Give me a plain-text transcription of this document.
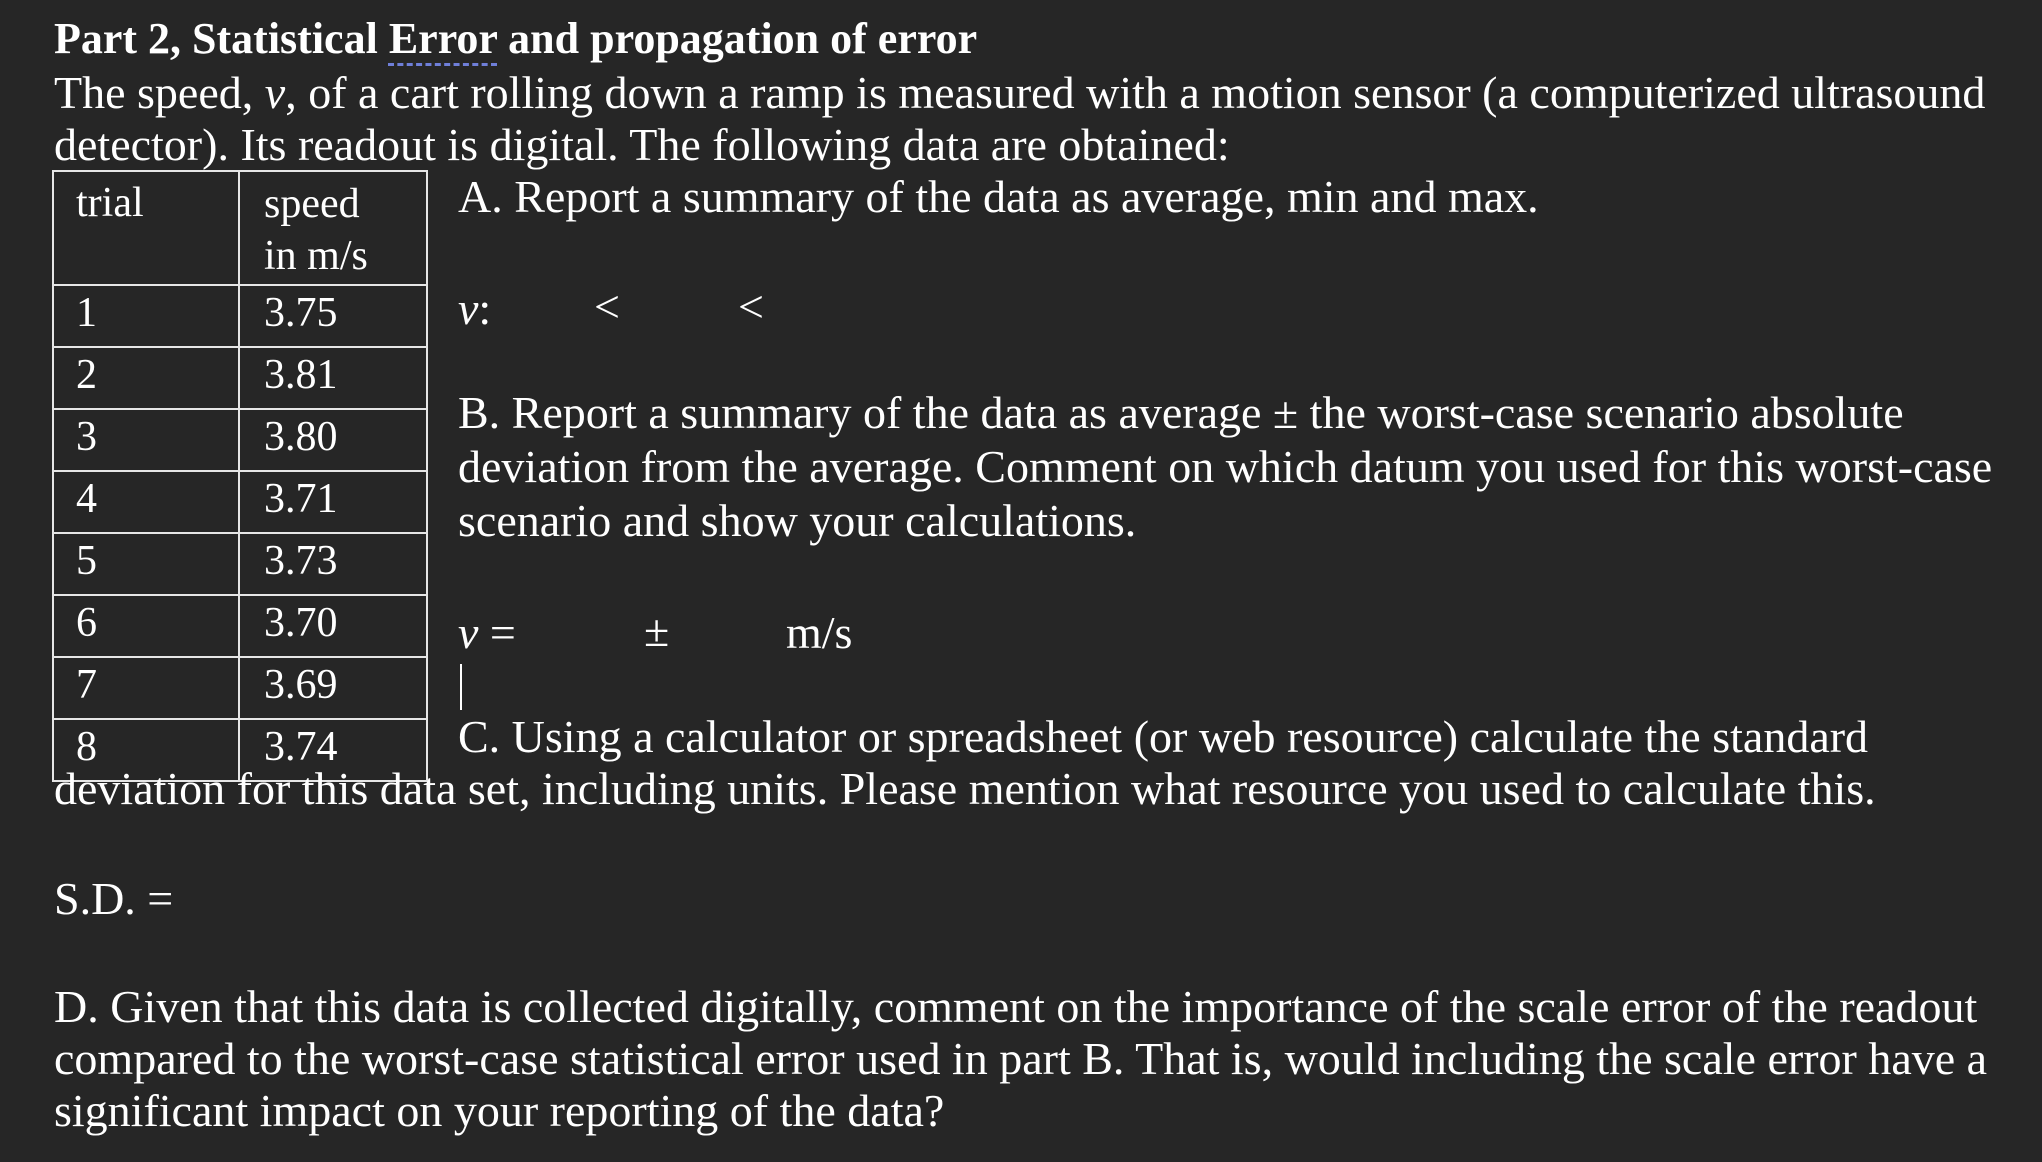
Part 2, Statistical Error and propagation of error
The speed, v, of a cart rolling down a ramp is measured with a motion sensor (a computerized ultrasound
detector). Its readout is digital. The following data are obtained:
trial	speed
in m/s

1	3.75
2	3.81
3	3.80
4	3.71
5	3.73
6	3.70
7	3.69
8	3.74
A. Report a summary of the data as average, min and max.
v: <	<
B. Report a summary of the data as average ± the worst-case scenario absolute
deviation from the average. Comment on which datum you used for this worst-case
scenario and show your calculations.
v =	±	m/s
C. Using a calculator or spreadsheet (or web resource) calculate the standard
deviation for this data set, including units. Please mention what resource you used to calculate this.
S.D. =
D. Given that this data is collected digitally, comment on the importance of the scale error of the readout
compared to the worst-case statistical error used in part B. That is, would including the scale error have a
significant impact on your reporting of the data?
